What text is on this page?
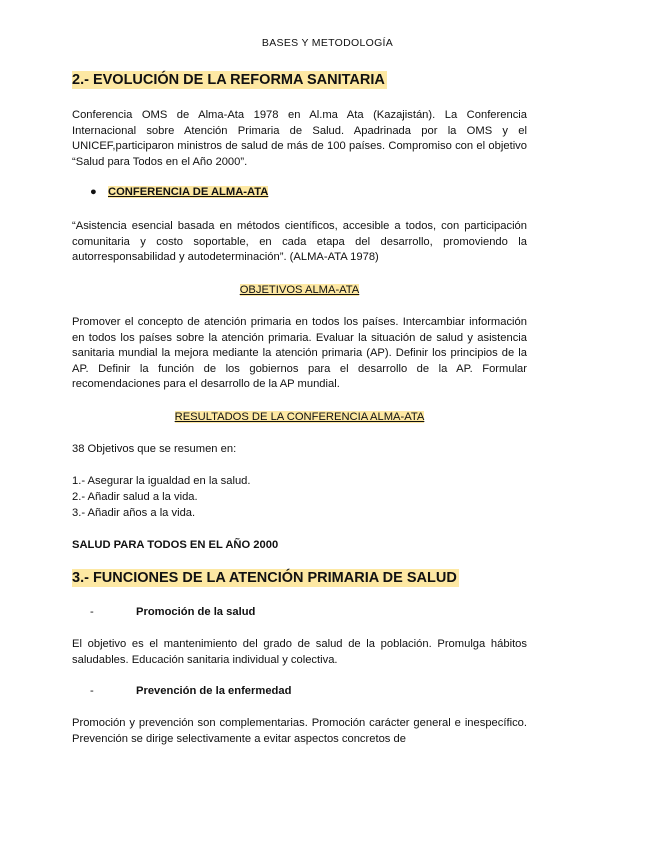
BASES Y METODOLOGÍA
2.- EVOLUCIÓN DE LA REFORMA SANITARIA
Conferencia OMS de Alma-Ata 1978 en Al.ma Ata (Kazajistán). La Conferencia Internacional sobre Atención Primaria de Salud. Apadrinada por la OMS y el UNICEF,participaron ministros de salud de más de 100 países. Compromiso con el objetivo “Salud para Todos en el Año 2000”.
● CONFERENCIA DE ALMA-ATA
“Asistencia esencial basada en métodos científicos, accesible a todos, con participación comunitaria y costo soportable, en cada etapa del desarrollo, promoviendo la autorresponsabilidad y autodeterminación”. (ALMA-ATA 1978)
OBJETIVOS ALMA-ATA
Promover el concepto de atención primaria en todos los países. Intercambiar información en todos los países sobre la atención primaria. Evaluar la situación de salud y asistencia sanitaria mundial la mejora mediante la atención primaria (AP). Definir los principios de la AP. Definir la función de los gobiernos para el desarrollo de la AP. Formular recomendaciones para el desarrollo de la AP mundial.
RESULTADOS DE LA CONFERENCIA ALMA-ATA
38 Objetivos que se resumen en:
1.- Asegurar la igualdad en la salud.
2.- Añadir salud a la vida.
3.- Añadir años a la vida.
SALUD PARA TODOS EN EL AÑO 2000
3.- FUNCIONES DE LA ATENCIÓN PRIMARIA DE SALUD
-	Promoción de la salud
El objetivo es el mantenimiento del grado de salud de la población. Promulga hábitos saludables. Educación sanitaria individual y colectiva.
-	Prevención de la enfermedad
Promoción y prevención son complementarias. Promoción carácter general e inespecífico. Prevención se dirige selectivamente a evitar aspectos concretos de
